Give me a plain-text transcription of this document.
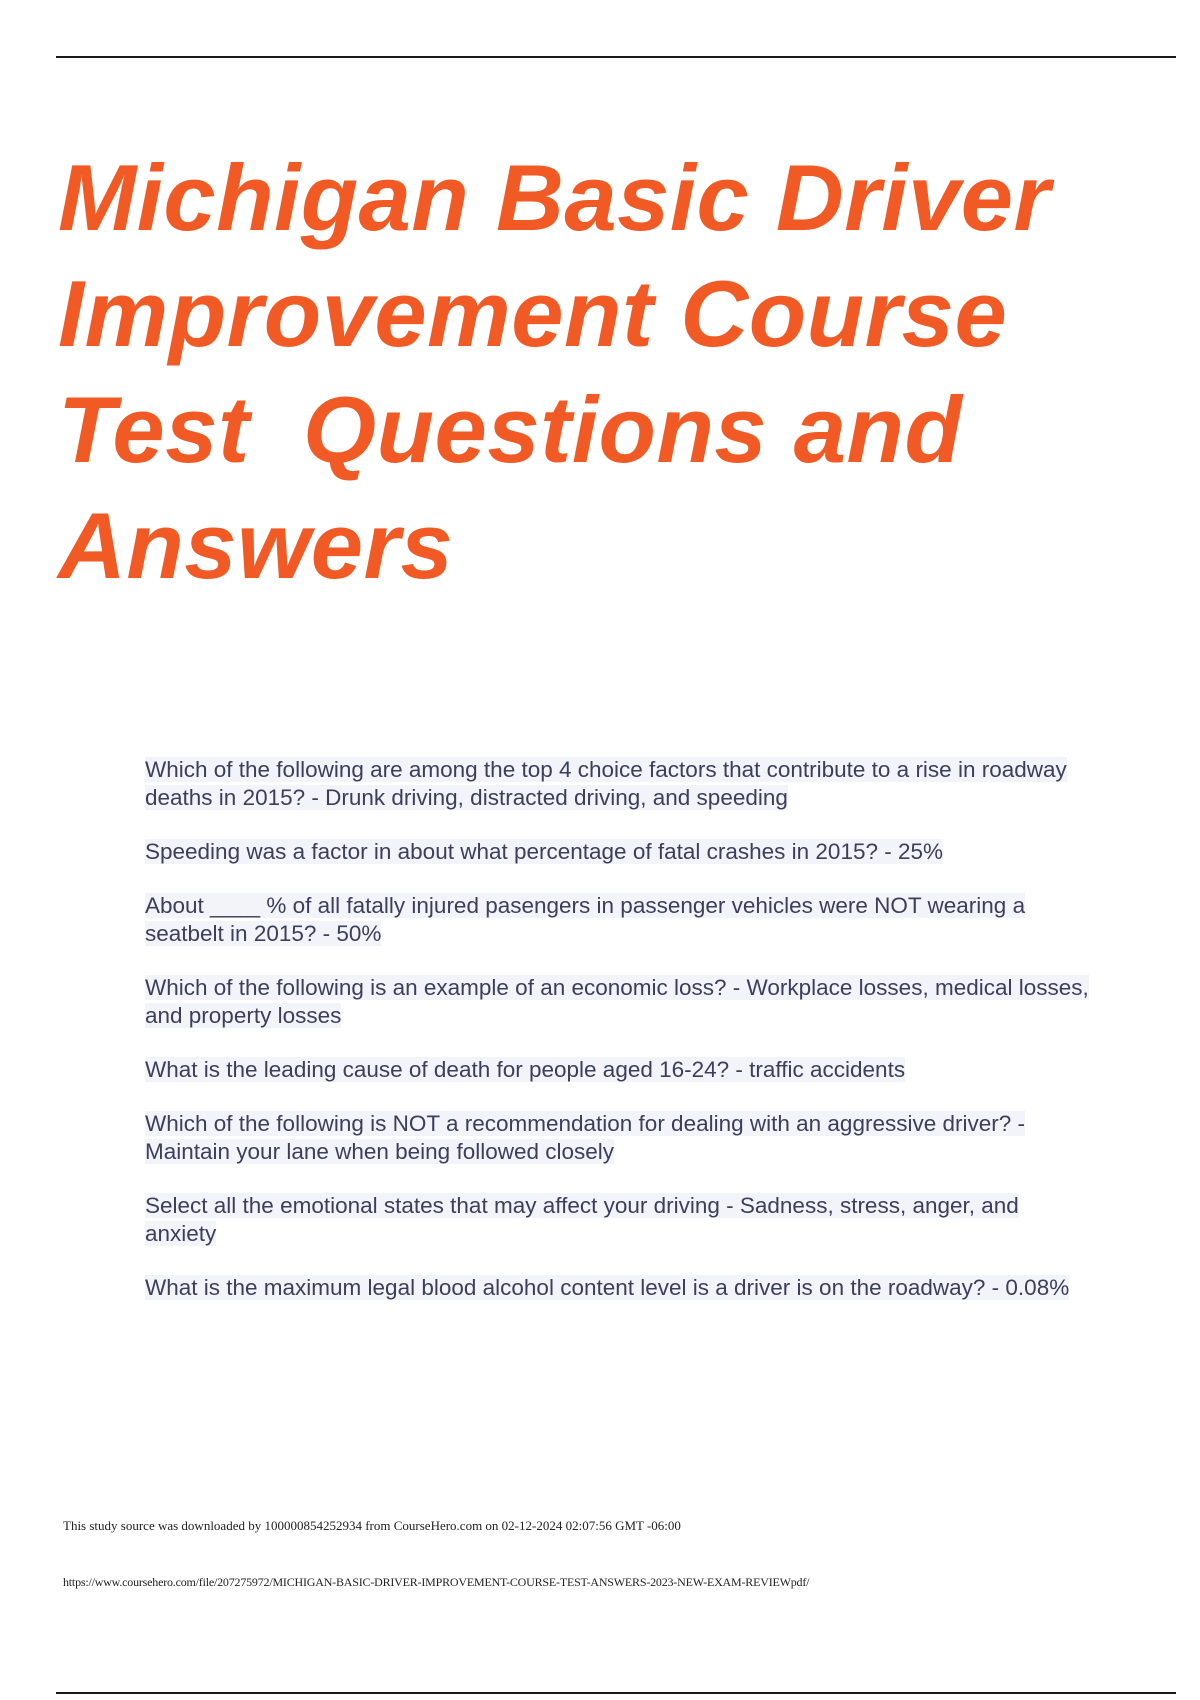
Michigan Basic Driver
Improvement Course
Test  Questions and
Answers
Which of the following are among the top 4 choice factors that contribute to a rise in roadway deaths in 2015? - Drunk driving, distracted driving, and speeding
Speeding was a factor in about what percentage of fatal crashes in 2015? - 25%
About ____ % of all fatally injured pasengers in passenger vehicles were NOT wearing a seatbelt in 2015? - 50%
Which of the following is an example of an economic loss? - Workplace losses, medical losses, and property losses
What is the leading cause of death for people aged 16-24? - traffic accidents
Which of the following is NOT a recommendation for dealing with an aggressive driver? - Maintain your lane when being followed closely
Select all the emotional states that may affect your driving - Sadness, stress, anger, and anxiety
What is the maximum legal blood alcohol content level is a driver is on the roadway? - 0.08%
This study source was downloaded by 100000854252934 from CourseHero.com on 02-12-2024 02:07:56 GMT -06:00
https://www.coursehero.com/file/207275972/MICHIGAN-BASIC-DRIVER-IMPROVEMENT-COURSE-TEST-ANSWERS-2023-NEW-EXAM-REVIEWpdf/
